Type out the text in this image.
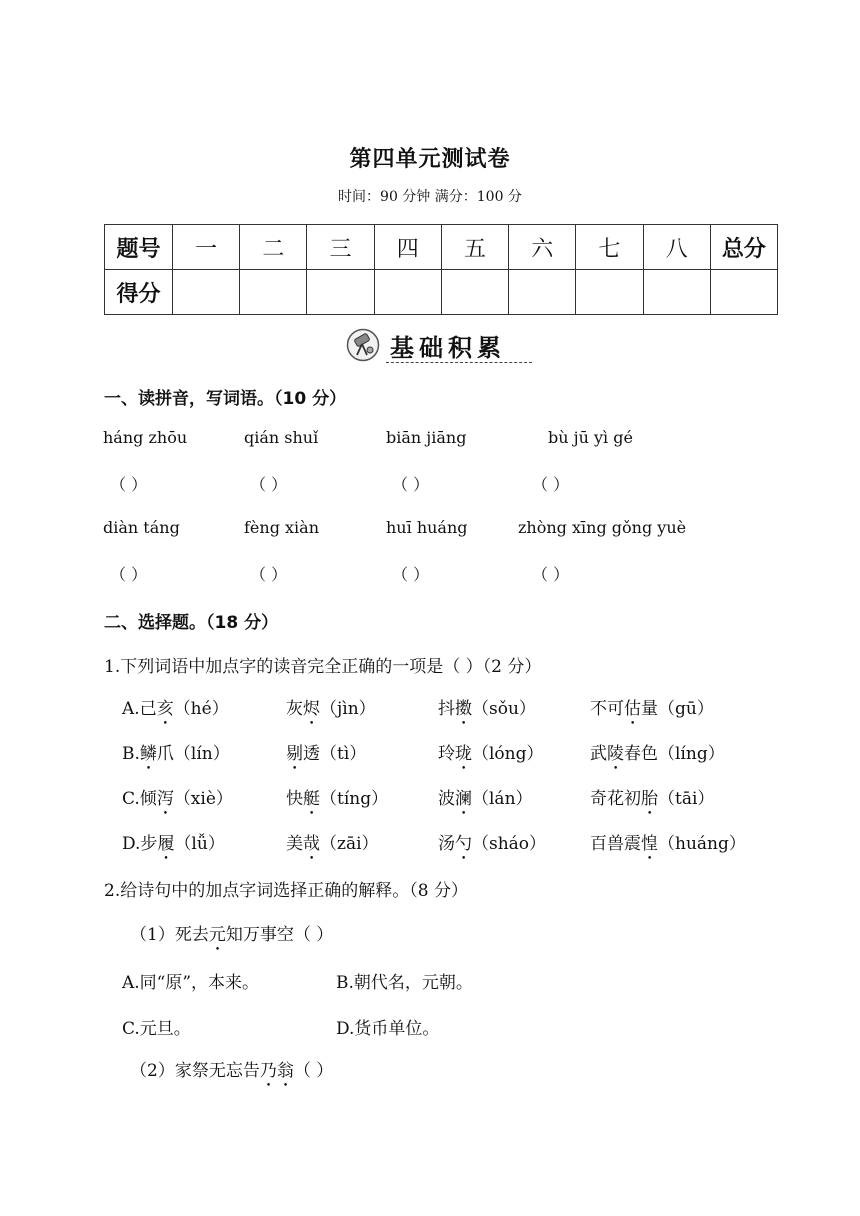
第四单元测试卷
时间：90 分钟 满分：100 分
题号	一	二	三	四	五	六	七	八	总分
得分									
基础积累
一、读拼音，写词语。（10 分）
háng zhōu	qián shuǐ	biān jiāng	bù jū yì gé
（ ）	（ ）	（ ）	（ ）
diàn táng	fèng xiàn	huī huáng	zhòng xīng gǒng yuè
（ ）	（ ）	（ ）	（ ）
二、选择题。（18 分）
1.下列词语中加点字的读音完全正确的一项是（ ）（2 分）
A.己亥（hé）	灰烬（jìn）	抖擞（sǒu）	不可估量（gū）
B.鳞爪（lín）	剔透（tì）	玲珑（lóng）	武陵春色（líng）
C.倾泻（xiè）	快艇（tíng）	波澜（lán）	奇花初胎（tāi）
D.步履（lǚ）	美哉（zāi）	汤勺（sháo）	百兽震惶（huáng）
2.给诗句中的加点字词选择正确的解释。（8 分）
（1）死去元知万事空（ ）
A.同“原”，本来。	B.朝代名，元朝。
C.元旦。	D.货币单位。
（2）家祭无忘告乃翁（ ）
